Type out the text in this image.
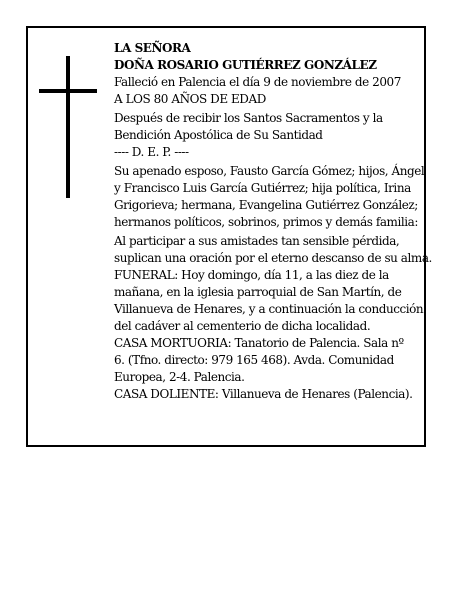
LA SEÑORA
DOÑA ROSARIO GUTIÉRREZ GONZÁLEZ
Falleció en Palencia el día 9 de noviembre de 2007
A LOS 80 AÑOS DE EDAD
Después de recibir los Santos Sacramentos y la
Bendición Apostólica de Su Santidad
---- D. E. P. ----
Su apenado esposo, Fausto García Gómez; hijos, Ángel
y Francisco Luis García Gutiérrez; hija política, Irina
Grigorieva; hermana, Evangelina Gutiérrez González;
hermanos políticos, sobrinos, primos y demás familia:
Al participar a sus amistades tan sensible pérdida,
suplican una oración por el eterno descanso de su alma.
FUNERAL: Hoy domingo, día 11, a las diez de la
mañana, en la iglesia parroquial de San Martín, de
Villanueva de Henares, y a continuación la conducción
del cadáver al cementerio de dicha localidad.
CASA MORTUORIA: Tanatorio de Palencia. Sala nº
6. (Tfno. directo: 979 165 468). Avda. Comunidad
Europea, 2-4. Palencia.
CASA DOLIENTE: Villanueva de Henares (Palencia).
